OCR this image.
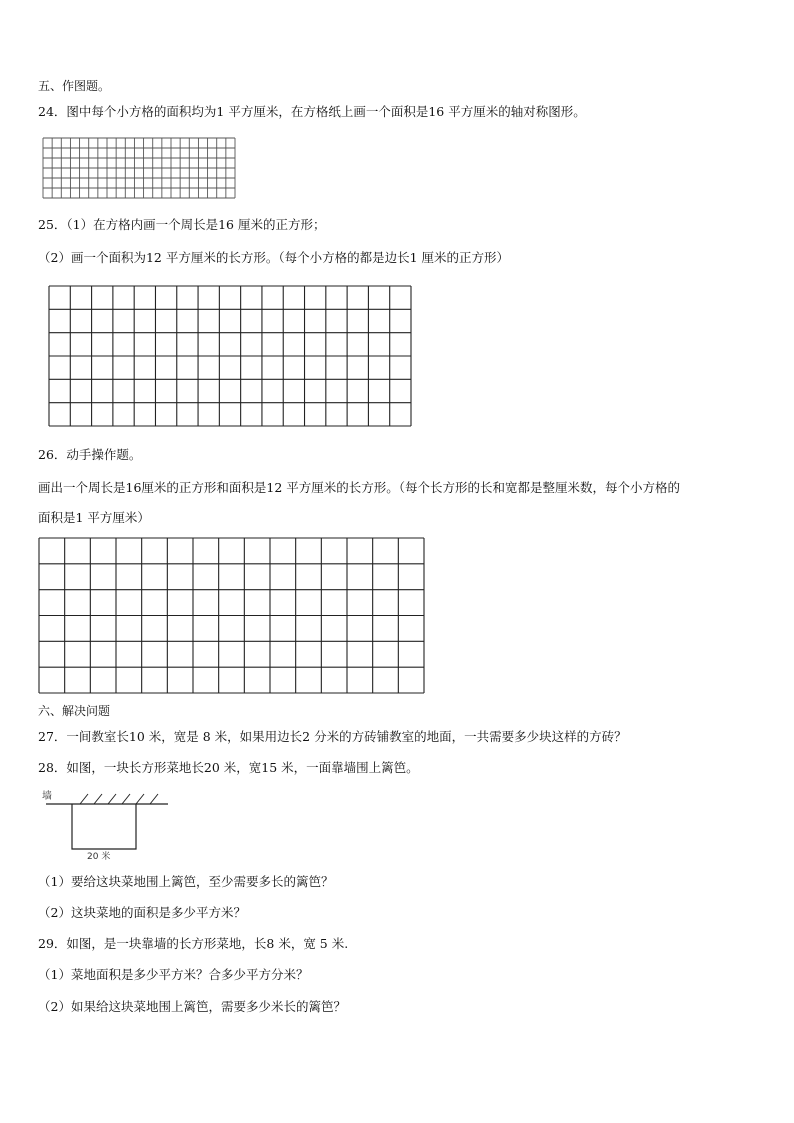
五、作图题。
24．图中每个小方格的面积均为1 平方厘米，在方格纸上画一个面积是16 平方厘米的轴对称图形。
25．（1）在方格内画一个周长是16 厘米的正方形；
（2）画一个面积为12 平方厘米的长方形。（每个小方格的都是边长1 厘米的正方形）
26．动手操作题。
画出一个周长是16厘米的正方形和面积是12 平方厘米的长方形。（每个长方形的长和宽都是整厘米数，每个小方格的
面积是1 平方厘米）
六、解决问题
27．一间教室长10 米，宽是 8 米，如果用边长2 分米的方砖铺教室的地面，一共需要多少块这样的方砖？
28．如图，一块长方形菜地长20 米，宽15 米，一面靠墙围上篱笆。
墙
20 米
（1）要给这块菜地围上篱笆，至少需要多长的篱笆？
（2）这块菜地的面积是多少平方米？
29．如图，是一块靠墙的长方形菜地，长8 米，宽 5 米.
（1）菜地面积是多少平方米？合多少平方分米？
（2）如果给这块菜地围上篱笆，需要多少米长的篱笆？
